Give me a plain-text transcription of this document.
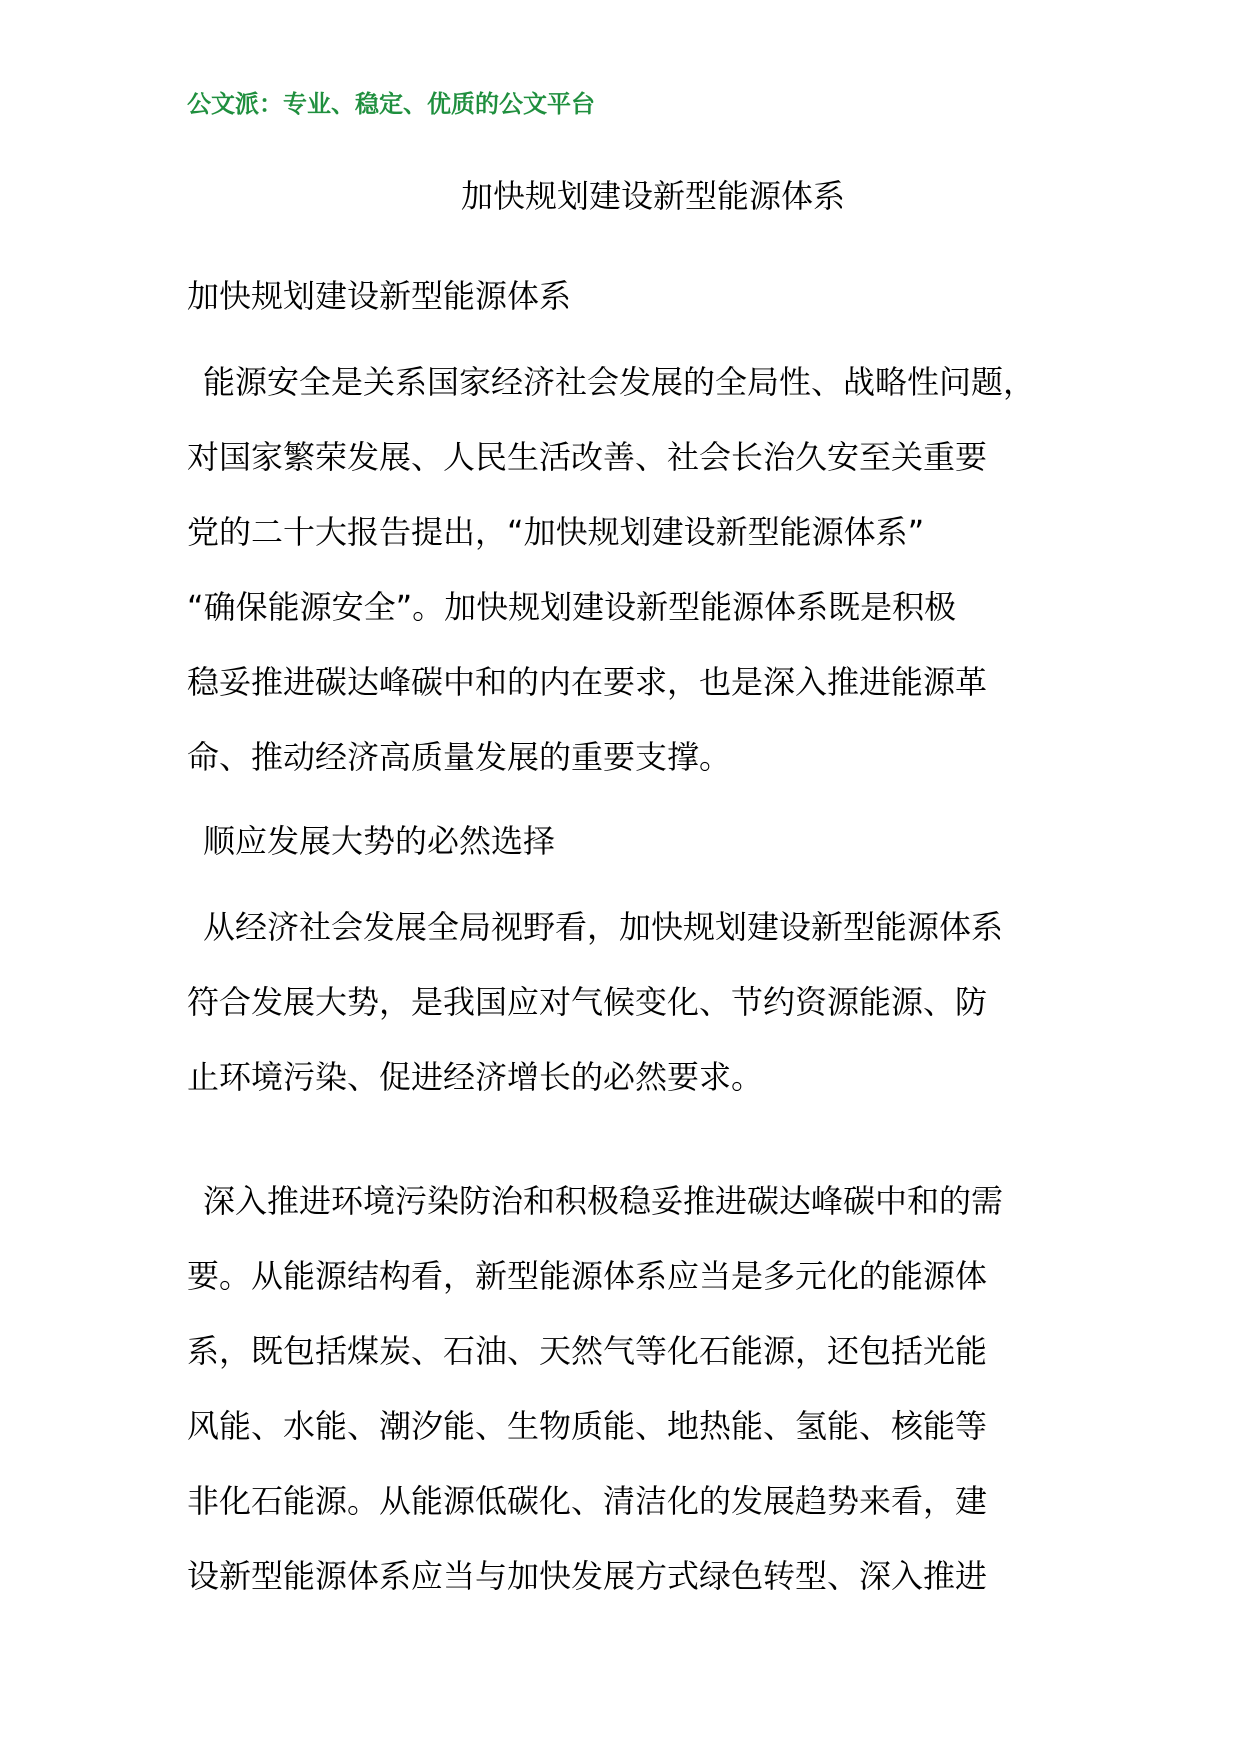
公文派：专业、稳定、优质的公文平台
加快规划建设新型能源体系
加快规划建设新型能源体系
能源安全是关系国家经济社会发展的全局性、战略性问题，
对国家繁荣发展、人民生活改善、社会长治久安至关重要
党的二十大报告提出，“加快规划建设新型能源体系”
“确保能源安全”。加快规划建设新型能源体系既是积极
稳妥推进碳达峰碳中和的内在要求，也是深入推进能源革
命、推动经济高质量发展的重要支撑。
顺应发展大势的必然选择
从经济社会发展全局视野看，加快规划建设新型能源体系
符合发展大势，是我国应对气候变化、节约资源能源、防
止环境污染、促进经济增长的必然要求。
深入推进环境污染防治和积极稳妥推进碳达峰碳中和的需
要。从能源结构看，新型能源体系应当是多元化的能源体
系，既包括煤炭、石油、天然气等化石能源，还包括光能
风能、水能、潮汐能、生物质能、地热能、氢能、核能等
非化石能源。从能源低碳化、清洁化的发展趋势来看，建
设新型能源体系应当与加快发展方式绿色转型、深入推进
